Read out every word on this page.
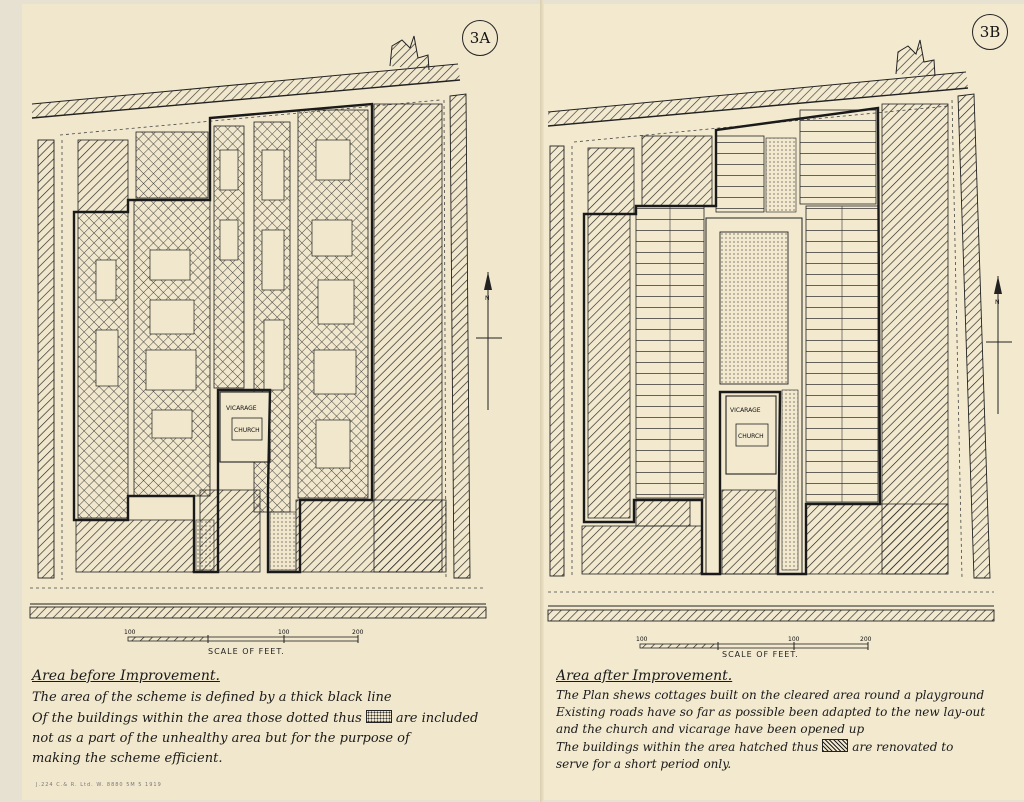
VICARAGE
CHURCH
N
100	100	200
VICARAGE
CHURCH
N
100	100	200
3A	3B
SCALE OF FEET.	SCALE OF FEET.
Area before Improvement.
The area of the scheme is defined by a thick black line
Of the buildings within the area those dotted thus	are included
not as a part of the unhealthy area but for the purpose of
making the scheme efficient.
J.224 C.& R. Ltd. W. 8880 5M 5 1919
Area after Improvement.
The Plan shews cottages built on the cleared area round a playground
Existing roads have so far as possible been adapted to the new lay-out
and the church and vicarage have been opened up
The buildings within the area hatched thus	are renovated to
serve for a short period only.
